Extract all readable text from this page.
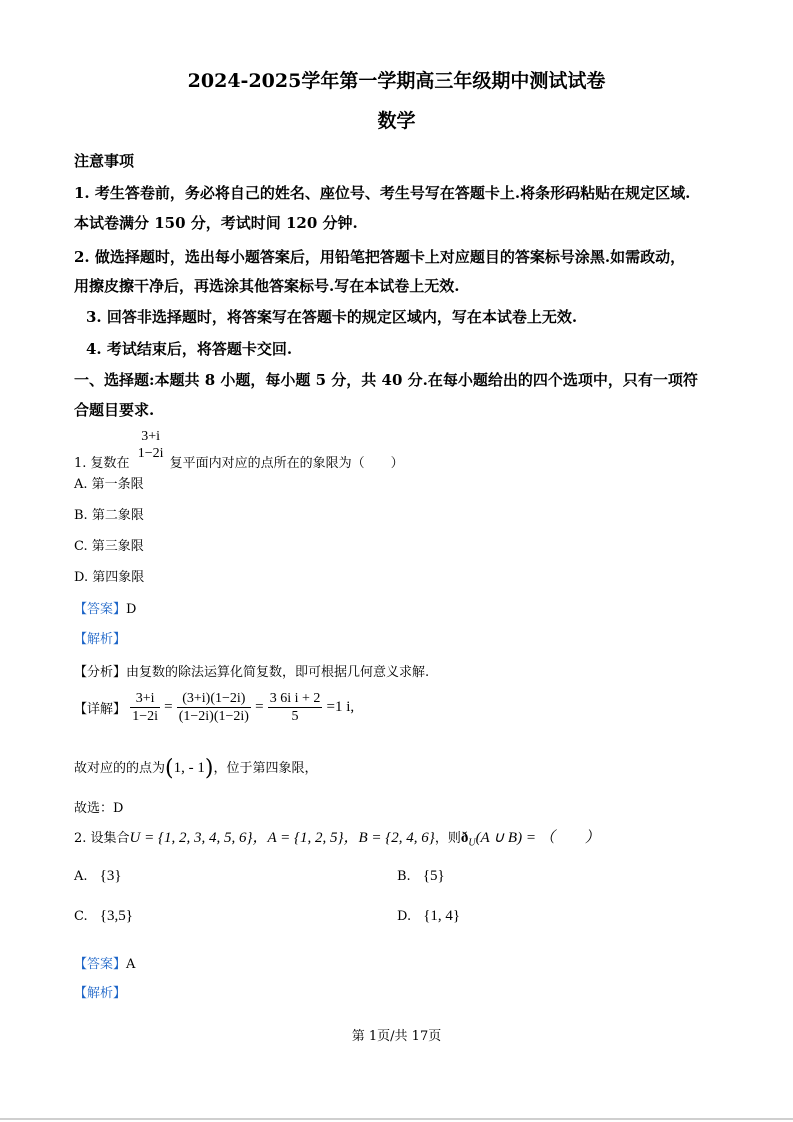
2024-2025学年第一学期高三年级期中测试试卷
数学
注意事项
1. 考生答卷前，务必将自己的姓名、座位号、考生号写在答题卡上.将条形码粘贴在规定区域.
本试卷满分 150 分，考试时间 120 分钟.
2. 做选择题时，选出每小题答案后，用铅笔把答题卡上对应题目的答案标号涂黑.如需政动，
用擦皮擦干净后，再选涂其他答案标号.写在本试卷上无效.
3. 回答非选择题时，将答案写在答题卡的规定区域内，写在本试卷上无效.
4. 考试结束后，将答题卡交回.
一、选择题:本题共 8 小题，每小题 5 分，共 40 分.在每小题给出的四个选项中，只有一项符
合题目要求.
1. 复数在
3+i
1−2i
复平面内对应的点所在的象限为（　　）
A. 第一条限
B. 第二象限
C. 第三象限
D. 第四象限
【答案】D
【解析】
【分析】由复数的除法运算化简复数，即可根据几何意义求解.
【详解】 $\frac{3+i}{1-2i} = \frac{(3+i)(1-2i)}{(1-2i)(1-2i)} = \frac{\text{3 6i i + 2}}{5} =1$ i,
故对应的的点为(1, - 1)，位于第四象限，
故选：D
2. 设集合U = {1, 2, 3, 4, 5, 6}，A = {1, 2, 5}，B = {2, 4, 6}，则$ð_U(A$ ∪ B) = （　　）
A. {3}	B. {5}
C. {3,5}	D. {1, 4}
【答案】A
【解析】
第 1页/共 17页
